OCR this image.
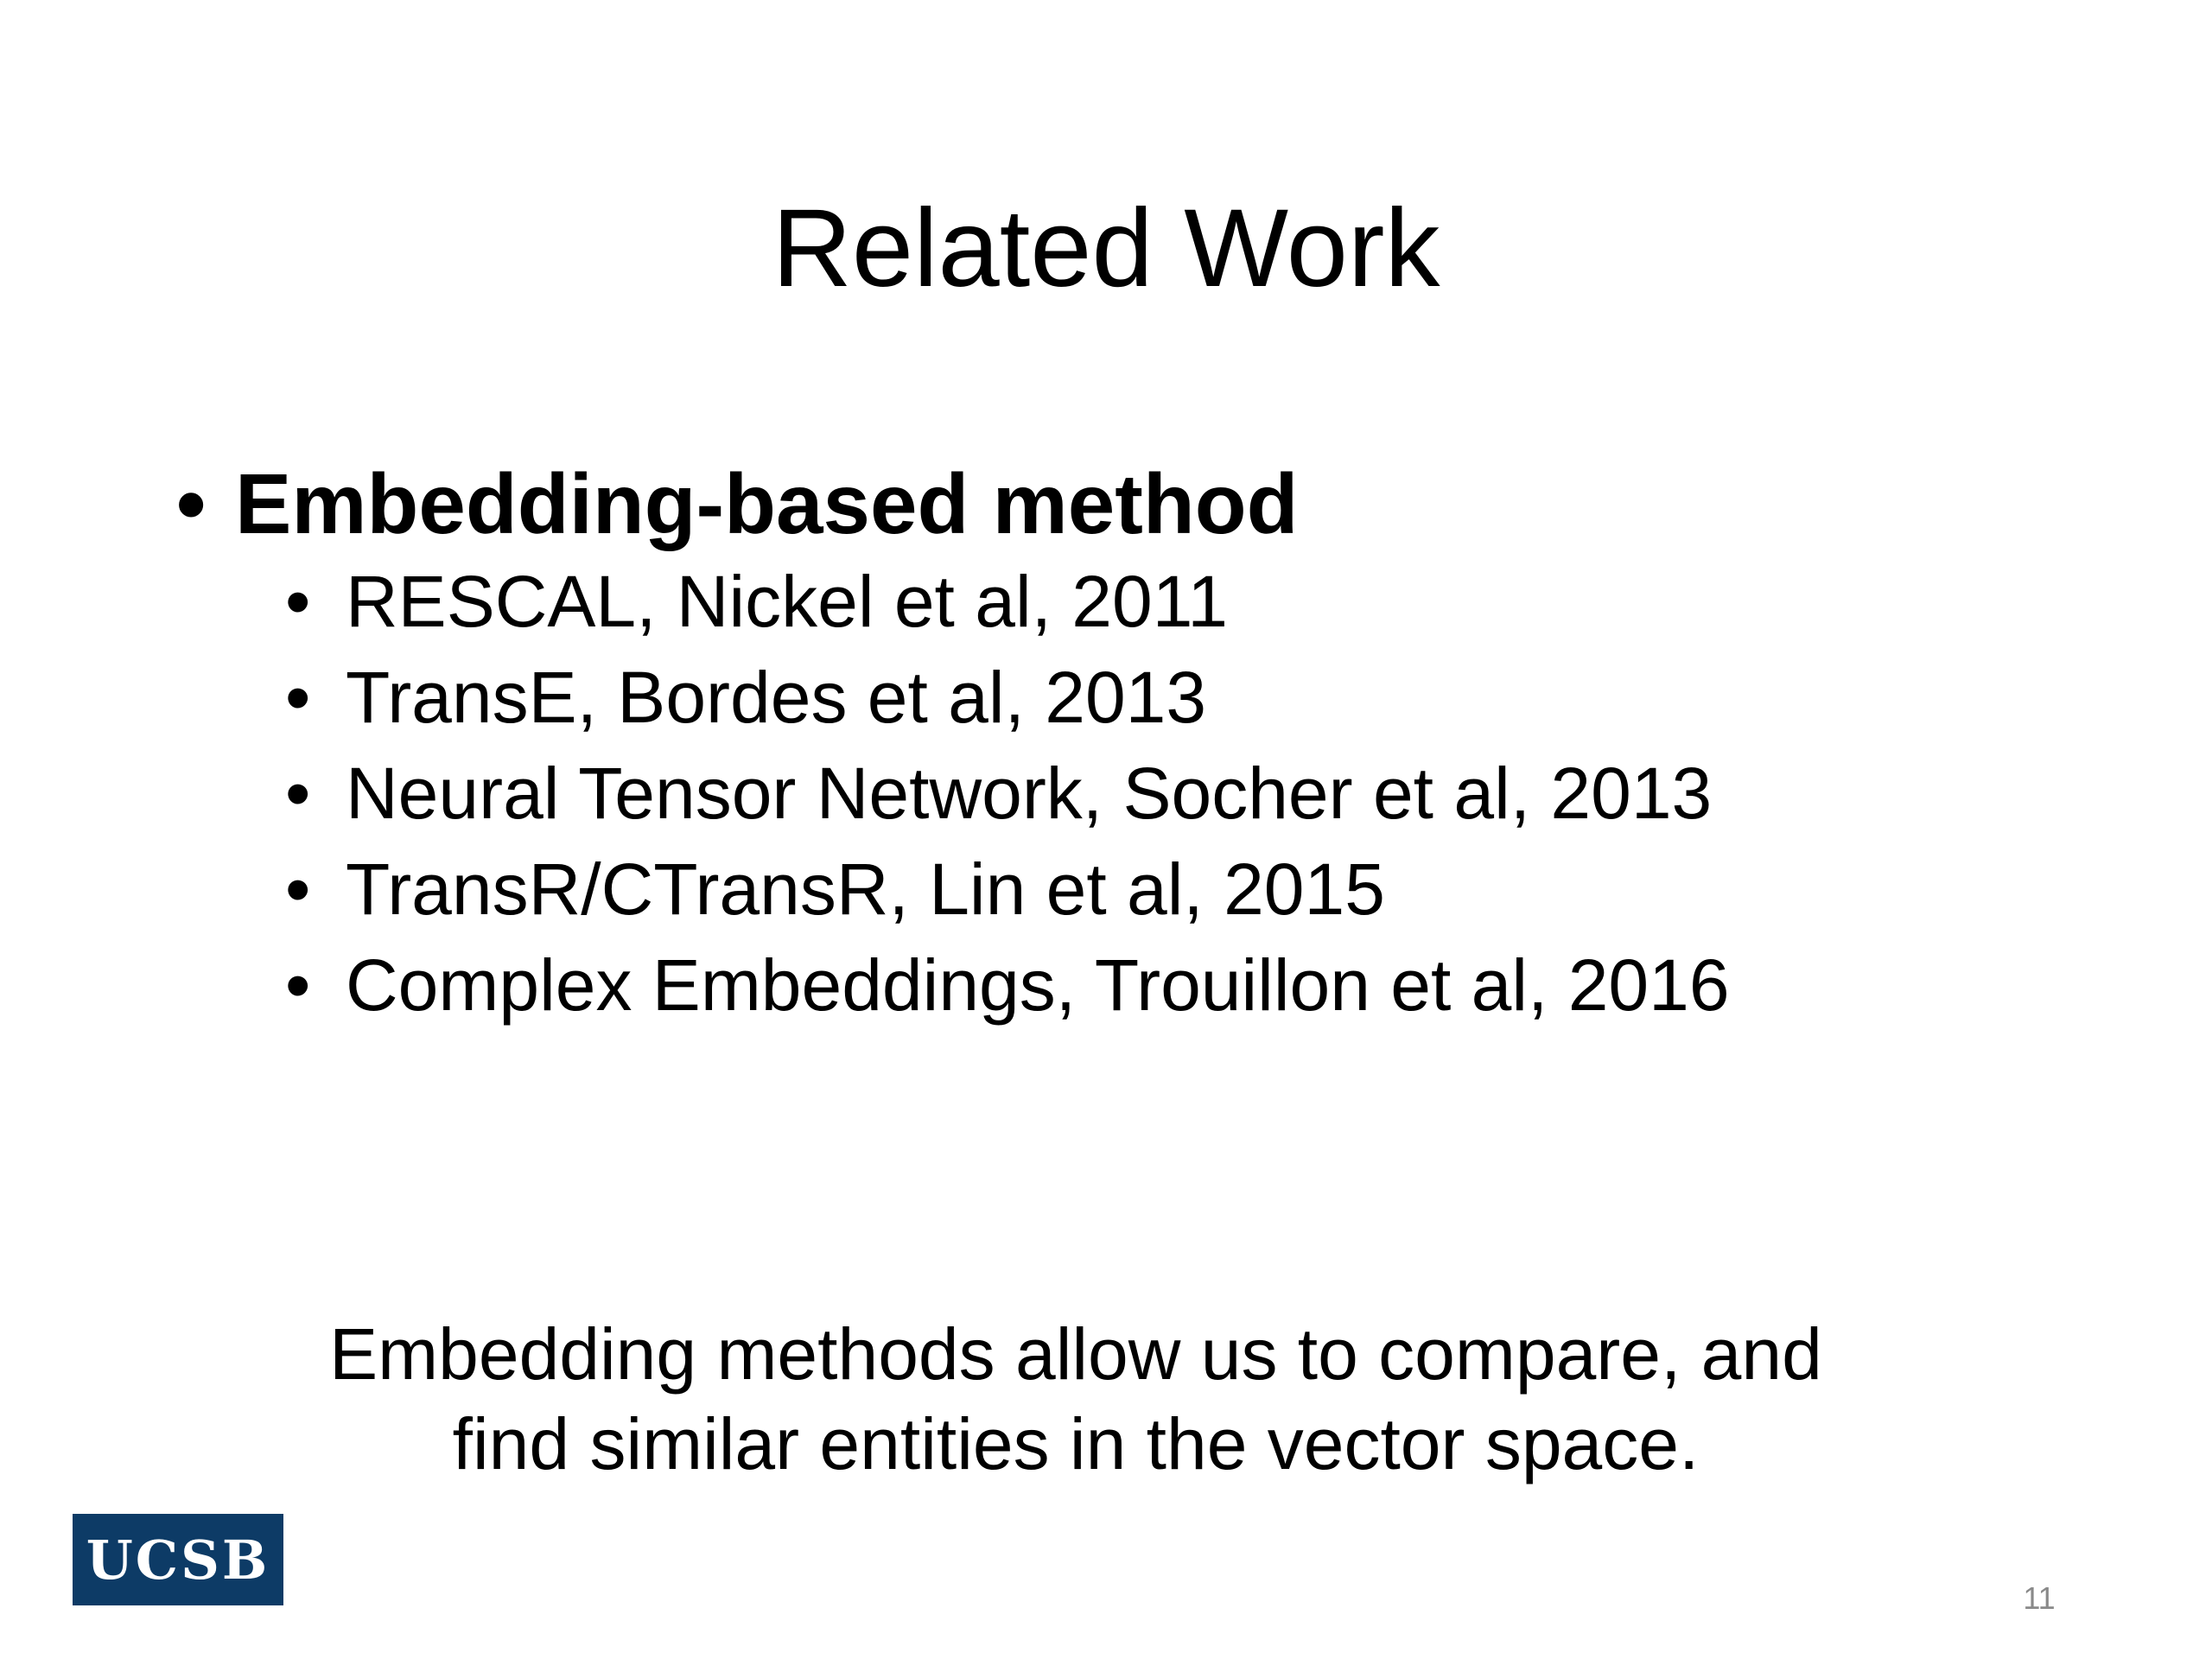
Related Work
• Embedding-based method
• RESCAL, Nickel et al, 2011
• TransE, Bordes et al, 2013
• Neural Tensor Network, Socher et al, 2013
• TransR/CTransR, Lin et al, 2015
• Complex Embeddings, Trouillon et al, 2016
Embedding methods allow us to compare, and
find similar entities in the vector space.
UCSB
11
